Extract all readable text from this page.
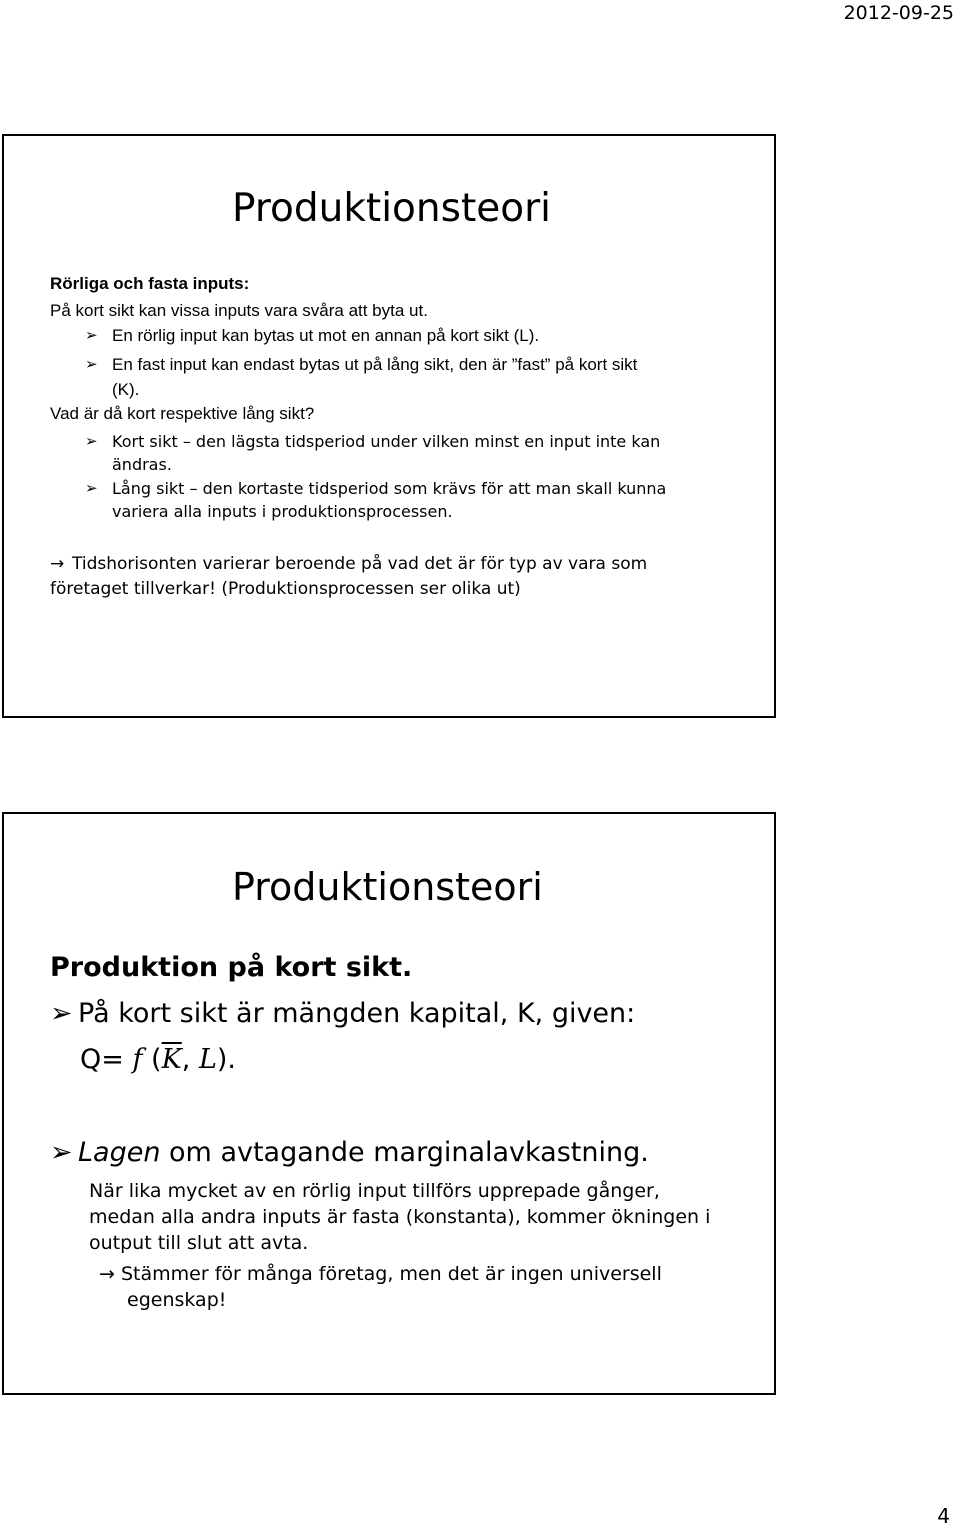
2012-09-25
Produktionsteori
Rörliga och fasta inputs:
På kort sikt kan vissa inputs vara svåra att byta ut.
➢ En rörlig input kan bytas ut mot en annan på kort sikt (L).
➢ En fast input kan endast bytas ut på lång sikt, den är ”fast” på kort sikt
(K).
Vad är då kort respektive lång sikt?
➢ Kort sikt – den lägsta tidsperiod under vilken minst en input inte kan
ändras.
➢ Lång sikt – den kortaste tidsperiod som krävs för att man skall kunna
variera alla inputs i produktionsprocessen.
→ Tidshorisonten varierar beroende på vad det är för typ av vara som
företaget tillverkar! (Produktionsprocessen ser olika ut)
Produktionsteori
Produktion på kort sikt.
➢ På kort sikt är mängden kapital, K, given:
Q= f ($\overline{K}$, L).
➢ Lagen om avtagande marginalavkastning.
När lika mycket av en rörlig input tillförs upprepade gånger,
medan alla andra inputs är fasta (konstanta), kommer ökningen i
output till slut att avta.
→ Stämmer för många företag, men det är ingen universell
egenskap!
4
